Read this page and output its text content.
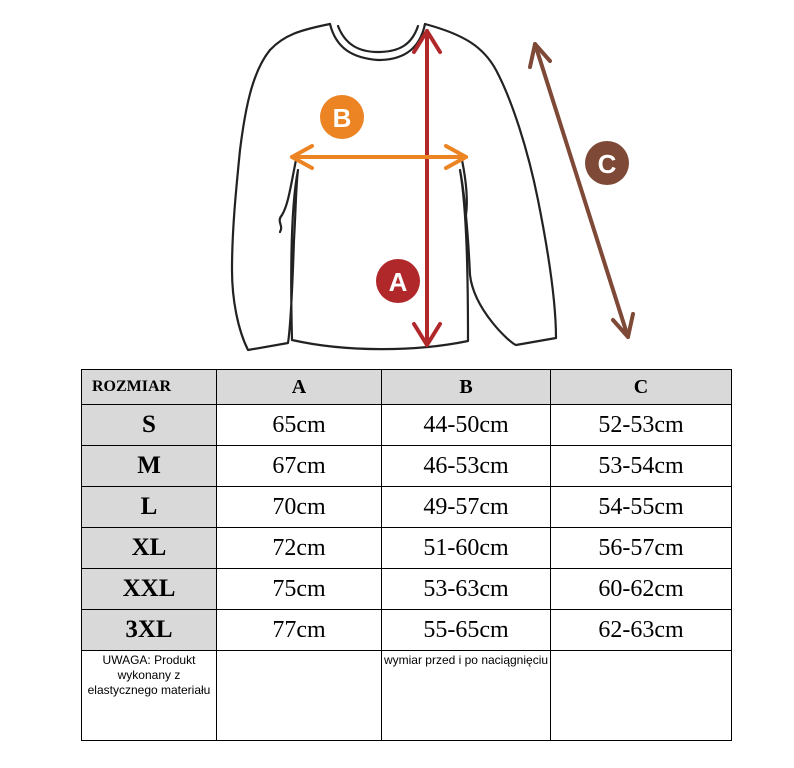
A
B
C
ROZMIAR	A	B	C
S	65cm	44-50cm	52-53cm
M	67cm	46-53cm	53-54cm
L	70cm	49-57cm	54-55cm
XL	72cm	51-60cm	56-57cm
XXL	75cm	53-63cm	60-62cm
3XL	77cm	55-65cm	62-63cm
UWAGA: Produkt wykonany z elastycznego materiału		wymiar przed i po naciągnięciu	
